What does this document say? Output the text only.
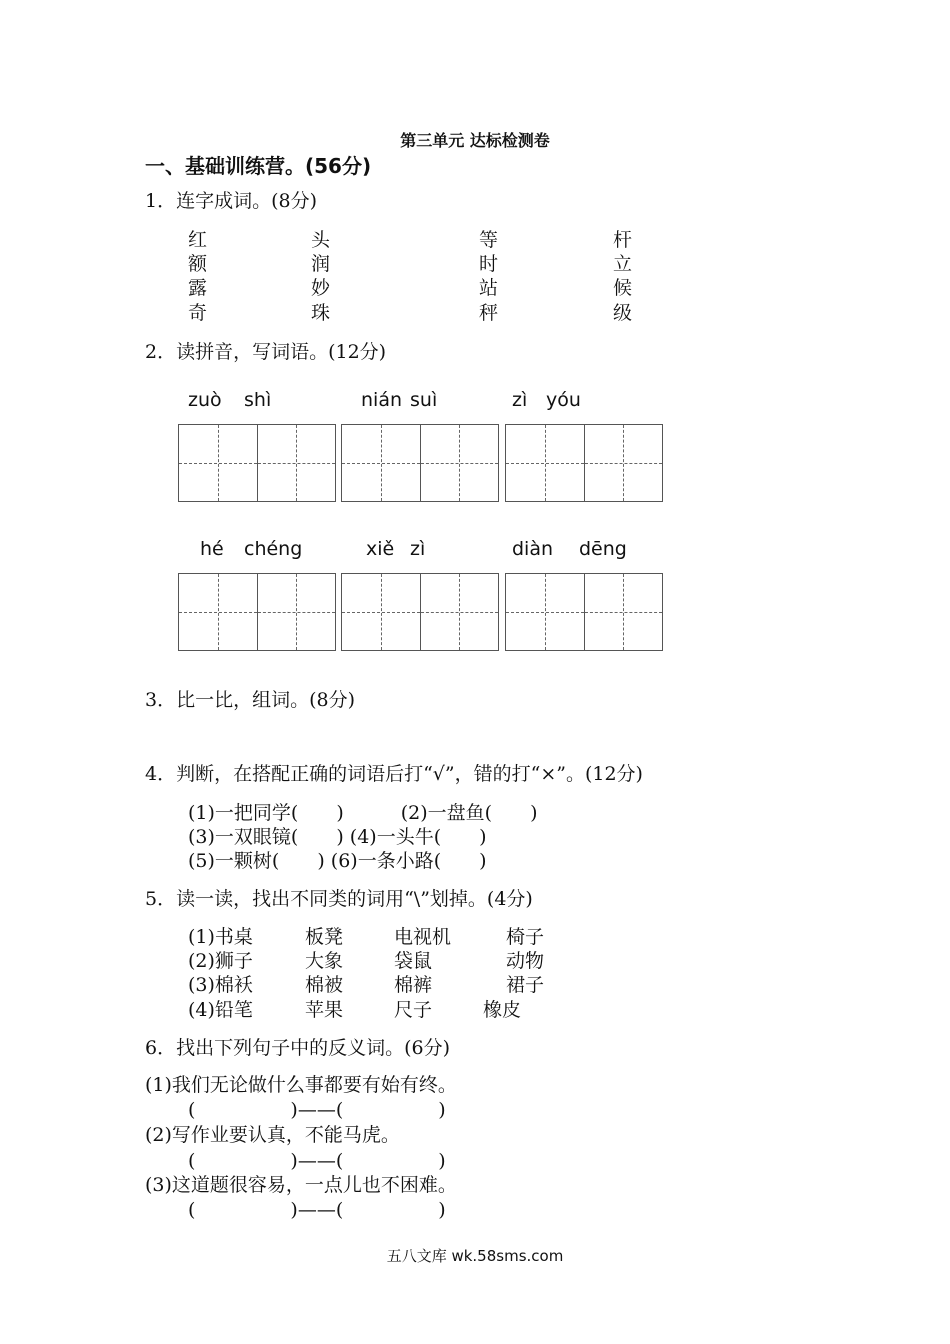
第三单元 达标检测卷
一、基础训练营。(56分)
1．连字成词。(8分)
红	头	等	杆
额	润	时	立
露	妙	站	候
奇	珠	秤	级
2．读拼音，写词语。(12分)
zuò shì	nián suì	zì yóu
hé chéng	xiě zì	diàn dēng
3．比一比，组词。(8分)
4．判断，在搭配正确的词语后打“√”，错的打“×”。(12分)
(1)一把同学(　　)　　　(2)一盘鱼(　　)
(3)一双眼镜(　　) (4)一头牛(　　)
(5)一颗树(　　) (6)一条小路(　　)
5．读一读，找出不同类的词用“\”划掉。(4分)
(1)书桌	板凳	电视机	椅子
(2)狮子	大象	袋鼠	动物
(3)棉袄	棉被	棉裤	裙子
(4)铅笔	苹果	尺子	橡皮
6．找出下列句子中的反义词。(6分)
(1)我们无论做什么事都要有始有终。
(　　　　　)——(　　　　　)
(2)写作业要认真，不能马虎。
(　　　　　)——(　　　　　)
(3)这道题很容易，一点儿也不困难。
(　　　　　)——(　　　　　)
五八文库 wk.58sms.com
